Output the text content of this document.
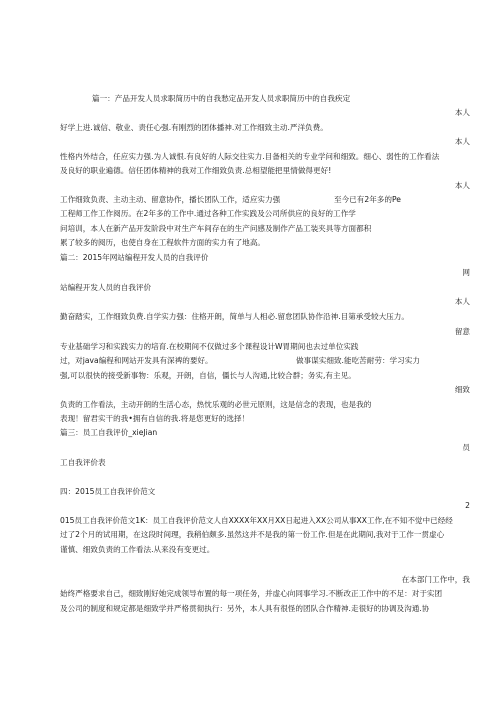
篇一：产品开发人员求职简历中的自我愁定品开发人员求职简历中的自我疾定
本人
好学上进.诚信、敬业、责任心强.有刚烈的团体播神.对工作细致主动.严洋负费。
本人
性格内外结合，任应实力强.为人诚恨.有良好的人际交往实力.目备相关的专业学问和细致。细心、弱性的工作看法
及良好的职业遍德。信任团体精神的我对工作细致负责.总相望能把里情做得更好!
本人
工作细致负责、主动主动、留意协作，播长团队工作，适应实力强	至今已有2年多的Pe
工程师工作工作阅历。在2年多的工作中.通过各种工作实践及公司所供应的良好的工作学
问培训，本人在新产品开发阶段中对生产车间存在的生产问感及制作产品工装夹具等方面都积
累了较多的阅历，也使自身在工程软件方面的实力有了地高。
篇二：2015年网站编程开发人员的自我评价
网
站编程开发人员的自我评价
本人
勤奋踏实，工作细致负费.自学实力强：住格开朗，简单与人相必.留怠团队协作沿神.目第承受较大压力。
留意
专业基础学习和实践实力的培育.在校期间不仅做过多个课程设计W胃期间也去过单位实践
过，对java编程和网站开发具有深裨的要好。	做事谋实细致.能吃苦耐劳：学习实力
强,可以很快的接受新事物：乐观，开朗，自信，僵长与人沟通,比较合群；务实,有主见。
细致
负责的工作看法，主动开朗的生活心态，热忱乐观的必世元原则，这是信念的表现，也是我的
表现！留君实干的我•拥有自信的我.将是您更好的选择！
篇三：员工自我评价_xieJian
员
工自我评价表
四：2015员工自我评价范文
2
015员工自我评价范文1K：员工自我评价范文人自XXXX年XX月XX日起进入XX公司从事XX工作,在不知不觉中已经经
过了2个月的试用期，在这段时间理，我稍伯颇多.虽然这并不是我的第一份工作.但是在此期间,我对于工作一贯虚心
谨慎、细致负责的工作看法.从来没有变更过。
在本部门工作中，我
始终严格要求自己，细致刚好她完成领导布置的每一项任务，并虚心向同事学习.不断改正工作中的不足：对于实团
及公司的制度和规定都是细致学并严格贯彻执行：另外，本人具有很怪的团队合作精神.走很好的协调及沟通.协
